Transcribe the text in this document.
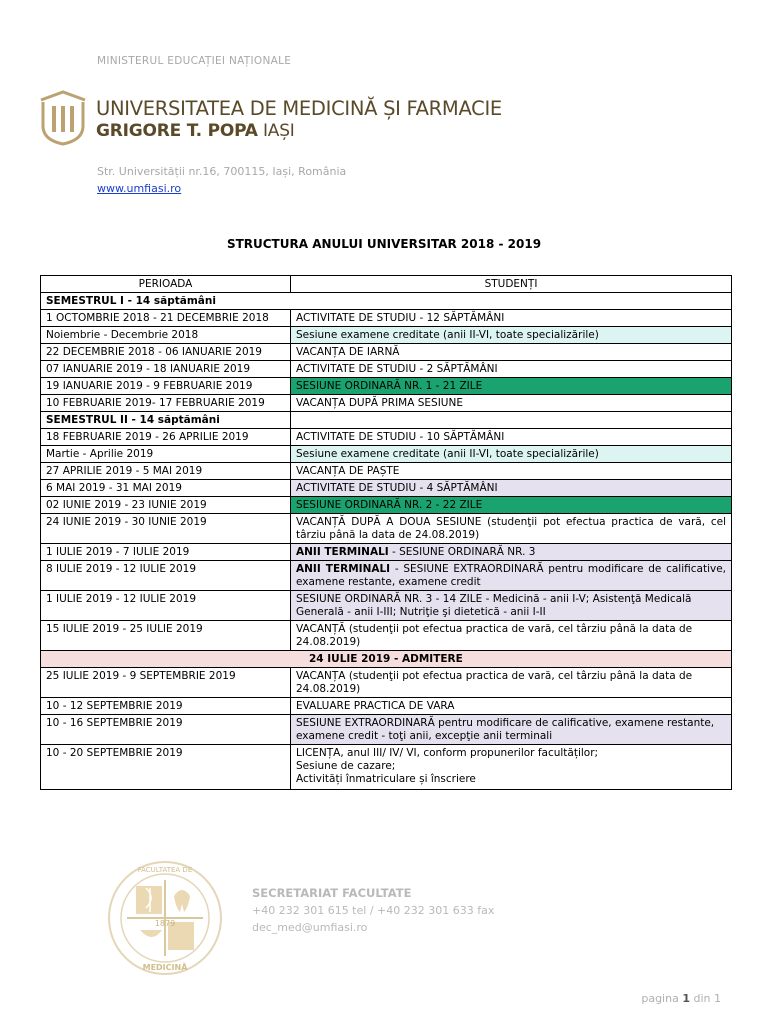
MINISTERUL EDUCAȚIEI NAȚIONALE
UNIVERSITATEA DE MEDICINĂ ȘI FARMACIE
GRIGORE T. POPA IAȘI
Str. Universității nr.16, 700115, Iași, România
www.umfiasi.ro
STRUCTURA ANULUI UNIVERSITAR 2018 - 2019
PERIOADA	STUDENȚI
SEMESTRUL I - 14 săptămâni	
1 OCTOMBRIE 2018 - 21 DECEMBRIE 2018	ACTIVITATE DE STUDIU - 12 SĂPTĂMÂNI
Noiembrie - Decembrie 2018	Sesiune examene creditate (anii II-VI, toate specializările)
22 DECEMBRIE 2018 - 06 IANUARIE 2019	VACANȚA DE IARNĂ
07 IANUARIE 2019 - 18 IANUARIE 2019	ACTIVITATE DE STUDIU - 2 SĂPTĂMÂNI
19 IANUARIE 2019 - 9 FEBRUARIE 2019	SESIUNE ORDINARĂ NR. 1 - 21 ZILE
10 FEBRUARIE 2019- 17 FEBRUARIE 2019	VACANȚA DUPĂ PRIMA SESIUNE
SEMESTRUL II - 14 săptămâni	
18 FEBRUARIE 2019 - 26 APRILIE 2019	ACTIVITATE DE STUDIU - 10 SĂPTĂMÂNI
Martie - Aprilie 2019	Sesiune examene creditate (anii II-VI, toate specializările)
27 APRILIE 2019 - 5 MAI 2019	VACANȚA DE PAȘTE
6 MAI 2019 - 31 MAI 2019	ACTIVITATE DE STUDIU - 4 SĂPTĂMÂNI
02 IUNIE 2019 - 23 IUNIE 2019	SESIUNE ORDINARĂ NR. 2 - 22 ZILE
24 IUNIE 2019 - 30 IUNIE 2019	VACANȚĂ DUPĂ A DOUA SESIUNE (studenţii pot efectua practica de vară, cel târziu până la data de 24.08.2019)
1 IULIE 2019 - 7 IULIE 2019	ANII TERMINALI - SESIUNE ORDINARĂ NR. 3
8 IULIE 2019 - 12 IULIE 2019	ANII TERMINALI - SESIUNE EXTRAORDINARĂ pentru modificare de calificative, examene restante, examene credit
1 IULIE 2019 - 12 IULIE 2019	SESIUNE ORDINARĂ NR. 3 - 14 ZILE - Medicină - anii I-V; Asistenţă Medicală Generală - anii I-III; Nutriţie şi dietetică - anii I-II
15 IULIE 2019 - 25 IULIE 2019	VACANȚĂ (studenţii pot efectua practica de vară, cel târziu până la data de 24.08.2019)
24 IULIE 2019 - ADMITERE	
25 IULIE 2019 - 9 SEPTEMBRIE 2019	VACANȚA (studenţii pot efectua practica de vară, cel târziu până la data de 24.08.2019)
10 - 12 SEPTEMBRIE 2019	EVALUARE PRACTICA DE VARA
10 - 16 SEPTEMBRIE 2019	SESIUNE EXTRAORDINARĂ pentru modificare de calificative, examene restante, examene credit - toţi anii, excepţie anii terminali
10 - 20 SEPTEMBRIE 2019	LICENȚA, anul III/ IV/ VI, conform propunerilor facultăților;
Sesiune de cazare;
Activități înmatriculare și înscriere
1879
FACULTATEA DE
MEDICINĂ
SECRETARIAT FACULTATE
+40 232 301 615 tel / +40 232 301 633 fax
dec_med@umfiasi.ro
pagina 1 din 1
